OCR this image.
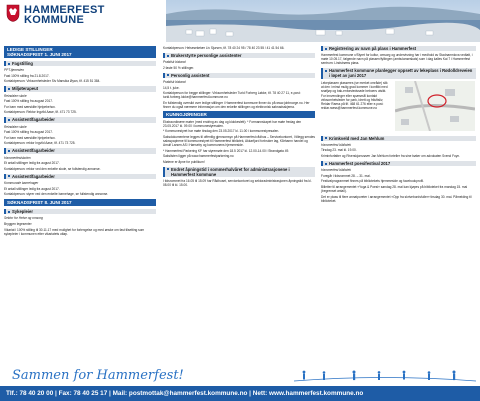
HAMMERFEST
KOMMUNE
LEDIGE STILLINGER
SØKNADSFRIST 1. JUNI 2017
Fagstilling

PPT-tjenesten

Fast 100% stilling fra 21.8.2017.

Kontaktperson: Virksomhetsleder Siv Mansika Øyan, tlf. 415 51 384.

Miljøterapeut

Reindalen skole

Fast 100% stilling fra august 2017.

For barn med særskilte hjelpebehov.

Kontaktperson: Rektor Ingvild Aase, tlf. 471 73 725.

Assistent/fagarbeider

Reindalen skole

Fast 100% stilling fra august 2017.

For barn med særskilte hjelpebehov.

Kontaktperson: rektor Ingvild Aase, tlf. 471 73 725.

Assistent/fagarbeider

Hammerfestskolen

Et antall stillinger ledig fra august 2017.

Kontaktperson: rektor ved den enkelte skole, se fullstendig annonse.

Assistent/fagarbeider

Kommunale barnehager

Et antall stillinger ledig fra august 2017.

Kontaktperson: styrer ved den enkelte barnehage, se fullstendig annonse.

SØKNADSFRIST 8. JUNI 2017
Sykepleier

Sektor for Helse og omsorg

Bryggen legesenter

Vikariat i 100% stilling til 30.11.17 med mulighet for forlengelse og med ønske om fast tilsetting som sykepleier i kommunen etter vikariatets utløp.

Kontaktperson: Helseseketær Liv Sjursen, tlf. 78 40 24 95 / 78 40 23 55 / 41 41 54 66.

Brukerstyrte personlige assistenter

Praktisk bistand

2 faste 50 % stillinger.

Personlig assistent

Praktisk bistand

14,5 t. juke.

Kontaktperson for begge stillinger: Virksomhetsleder Turid Forberg Løkke, tlf. 78 40 27 11, e-post: turid.forberg.lokke@hammerfest.kommune.no

En fullstendig oversikt over ledige stillinger i Hammerfest kommune finner du på www.jobbnorge.no. Her finner du også nærmere informasjon om den enkelte stillingen og elektronisk søknadsskjema.

KUNNGJØRINGER

Ekstraordinære møter (med endring av dag og klokkeslett): * Formannskapet har møte fredag den 23.05.2017 kl. 09.00 i kommunestyresalen.

* Kommunestyret har møte tirsdag den 23.05.2017 kl. 11.00 i kommunestyresalen.

Saksdokumentene legges til offentlig gjennomsyn på Hammerfest rådhus – Servicekontoret, I tillegg sendes saksspapirene til kommunestyret til Hammerfest bibliotek, Akkarfjord forbruker lag, Kårhamn handel og Amulf Larsen AS i Hønseby og kommunens hjemmeside.

* Hammerfest Parkering KF har styremøte den 18.5 2017 kl. 12.00-14.00 i Strandgata 49.

Sakslisten ligger på www.hammerfestparkering.no

Møtene er åpne for publikum!

Endret åpningstid i sommerhalvåret for administrasjonene i Hammerfest kommune

I tidsrommet fra 16.05 til 15.09 har Rådhuset, servicekontoret og sektoradministrasjonen åpningstid fra kl. 08.00 til kl. 15.00.

Registrering av navn på plass i Hammerfest

Hammerfest kommune v/Styret for kultur, omsorg og undervisning har i medhold av Stadnamnlova vedtatt, i møte 10.05.17, følgende navn på plassen/fyllingen (ambulanseskais) som i dag kalles Kai 7 i Hammerfest sentrum: Lindstrøms plass.

Hammerfest kommune planlegger oppsett av lekeplass i Rødolldreveien i løpet av juni 2017

Lekeplassen plasseres (se merket område) slik at den i minst mulig grad kommer i konflikt med snøfjøp og bak-enforstedsrøde beboers utsikt.

For innvendinger eller spørsmål kontakt virksomhetsleder for park, idrett og friluftsliv, Reidar Raess på tlf. 468 61 276 eller e-post: reidar.raess@hammerfest.kommune.no

Krimkveld med Jan Mehlum

Hammerfest bibliotek

Tirsdag 23. mai kl. 19.00.

Kriminforfatter og Riverskjonsrøver Jan Mehlum forteller fra sine bøker om advokaten Svend Foyn.

Hammerfest poesifestival 2017

Hammerfest bibliotek

Foregår i tidsrommet 28. – 31. mai.

Festivalprogrammet finnes på bibliotekets hjemmeside og facebookprofil.

Billetter til arrangementet «Yoga & Poesi» søndag 28. mai kan kjøpes på biblioteket fra mandag 15. mai (begrenset antall).

Det er plass til flere annatporeter i arrangementet «Opp fra skrivebordsfuller» tirsdag 30. mai. Påmelding til biblioteket.

Sammen for Hammerfest!
Tlf.: 78 40 20 00 | Fax: 78 40 25 17 | Mail: postmottak@hammerfest.kommune.no | Nett: www.hammerfest.kommune.no
